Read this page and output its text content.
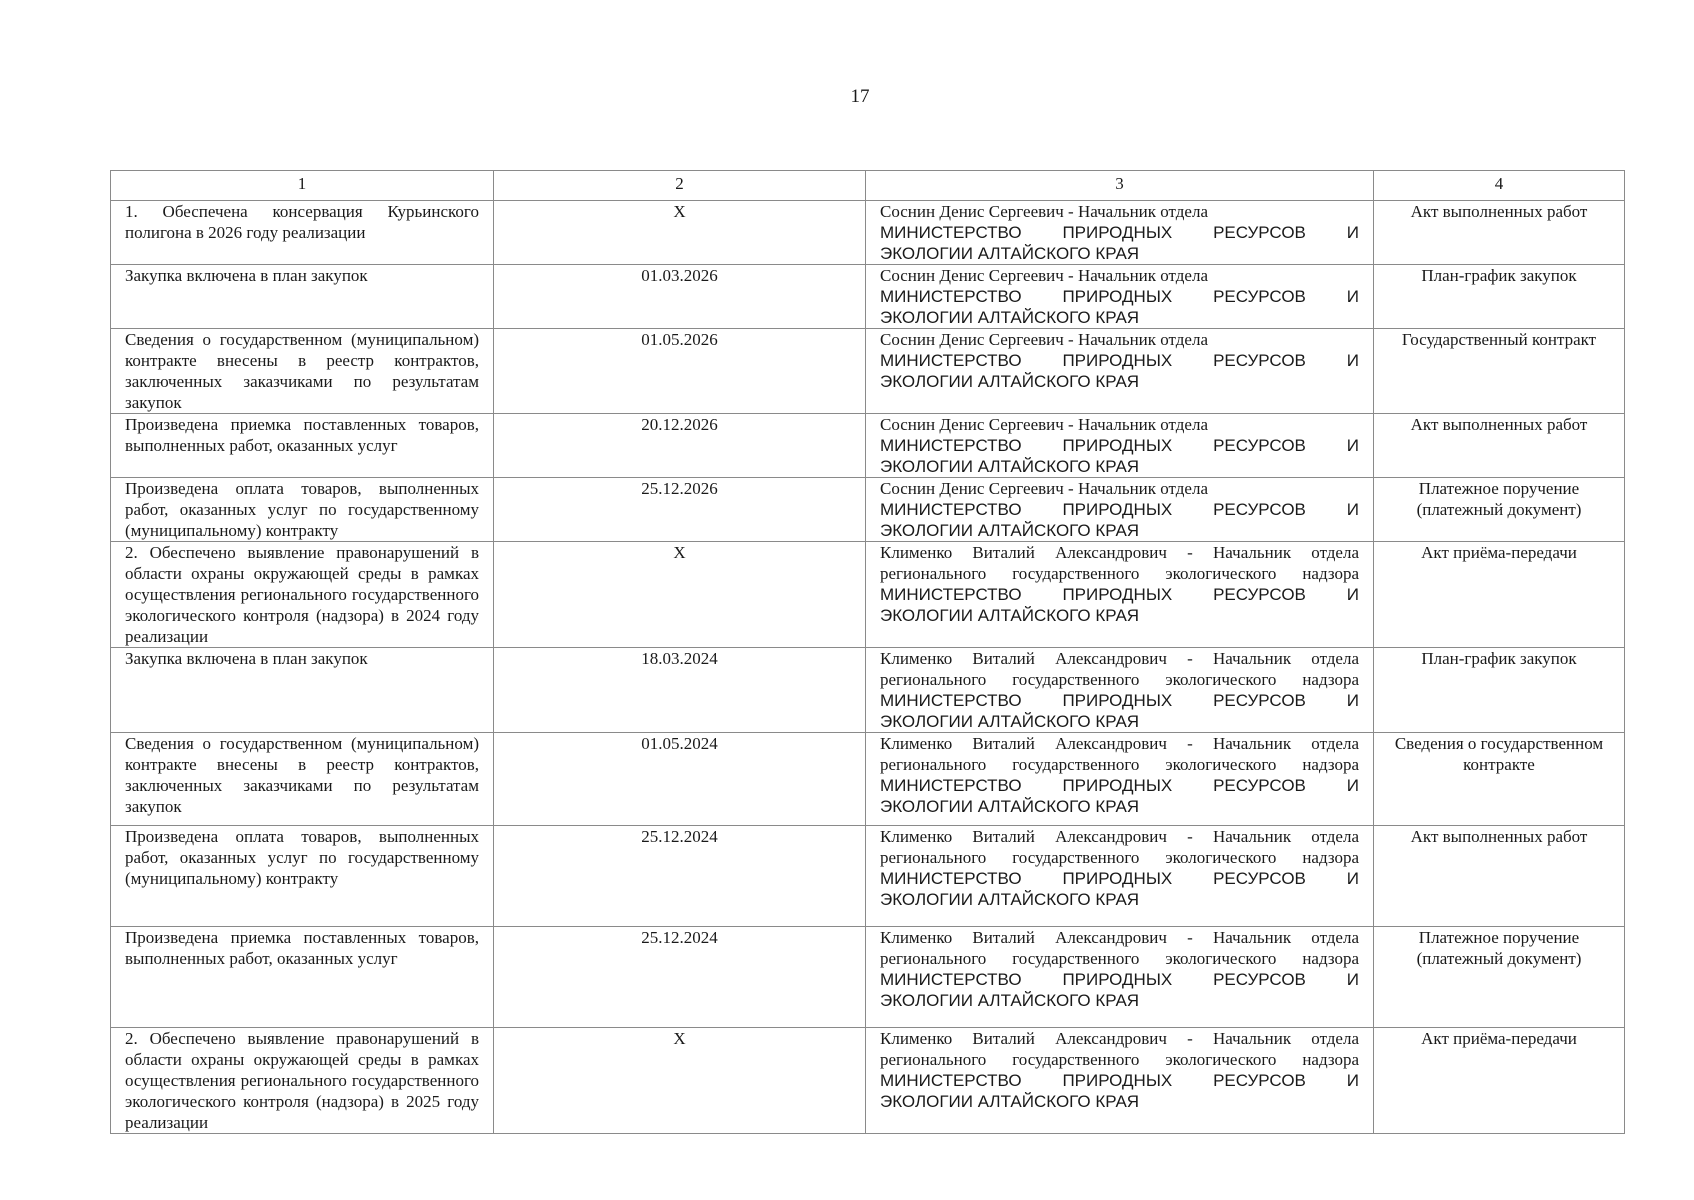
17
1	2	3	4
1. Обеспечена консервация Курьинского полигона в 2026 году реализации	X	Соснин Денис Сергеевич - Начальник отдела
МИНИСТЕРСТВО ПРИРОДНЫХ РЕСУРСОВ И
ЭКОЛОГИИ АЛТАЙСКОГО КРАЯ	Акт выполненных работ
Закупка включена в план закупок	01.03.2026	Соснин Денис Сергеевич - Начальник отдела
МИНИСТЕРСТВО ПРИРОДНЫХ РЕСУРСОВ И
ЭКОЛОГИИ АЛТАЙСКОГО КРАЯ	План-график закупок
Сведения о государственном (муниципальном) контракте внесены в реестр контрактов, заключенных заказчиками по результатам закупок	01.05.2026	Соснин Денис Сергеевич - Начальник отдела
МИНИСТЕРСТВО ПРИРОДНЫХ РЕСУРСОВ И
ЭКОЛОГИИ АЛТАЙСКОГО КРАЯ	Государственный контракт
Произведена приемка поставленных товаров, выполненных работ, оказанных услуг	20.12.2026	Соснин Денис Сергеевич - Начальник отдела
МИНИСТЕРСТВО ПРИРОДНЫХ РЕСУРСОВ И
ЭКОЛОГИИ АЛТАЙСКОГО КРАЯ	Акт выполненных работ
Произведена оплата товаров, выполненных работ, оказанных услуг по государственному (муниципальному) контракту	25.12.2026	Соснин Денис Сергеевич - Начальник отдела
МИНИСТЕРСТВО ПРИРОДНЫХ РЕСУРСОВ И
ЭКОЛОГИИ АЛТАЙСКОГО КРАЯ	Платежное поручение (платежный документ)
2. Обеспечено выявление правонарушений в области охраны окружающей среды в рамках осуществления регионального государственного экологического контроля (надзора) в 2024 году реализации	X	Клименко Виталий Александрович - Начальник отдела регионального государственного экологического надзора
МИНИСТЕРСТВО ПРИРОДНЫХ РЕСУРСОВ И
ЭКОЛОГИИ АЛТАЙСКОГО КРАЯ	Акт приёма-передачи
Закупка включена в план закупок	18.03.2024	Клименко Виталий Александрович - Начальник отдела регионального государственного экологического надзора
МИНИСТЕРСТВО ПРИРОДНЫХ РЕСУРСОВ И
ЭКОЛОГИИ АЛТАЙСКОГО КРАЯ	План-график закупок
Сведения о государственном (муниципальном) контракте внесены в реестр контрактов, заключенных заказчиками по результатам закупок	01.05.2024	Клименко Виталий Александрович - Начальник отдела регионального государственного экологического надзора
МИНИСТЕРСТВО ПРИРОДНЫХ РЕСУРСОВ И
ЭКОЛОГИИ АЛТАЙСКОГО КРАЯ	Сведения о государственном контракте
Произведена оплата товаров, выполненных работ, оказанных услуг по государственному (муниципальному) контракту	25.12.2024	Клименко Виталий Александрович - Начальник отдела регионального государственного экологического надзора
МИНИСТЕРСТВО ПРИРОДНЫХ РЕСУРСОВ И
ЭКОЛОГИИ АЛТАЙСКОГО КРАЯ	Акт выполненных работ
Произведена приемка поставленных товаров, выполненных работ, оказанных услуг	25.12.2024	Клименко Виталий Александрович - Начальник отдела регионального государственного экологического надзора
МИНИСТЕРСТВО ПРИРОДНЫХ РЕСУРСОВ И
ЭКОЛОГИИ АЛТАЙСКОГО КРАЯ	Платежное поручение (платежный документ)
2. Обеспечено выявление правонарушений в области охраны окружающей среды в рамках осуществления регионального государственного экологического контроля (надзора) в 2025 году реализации	X	Клименко Виталий Александрович - Начальник отдела регионального государственного экологического надзора
МИНИСТЕРСТВО ПРИРОДНЫХ РЕСУРСОВ И
ЭКОЛОГИИ АЛТАЙСКОГО КРАЯ	Акт приёма-передачи
